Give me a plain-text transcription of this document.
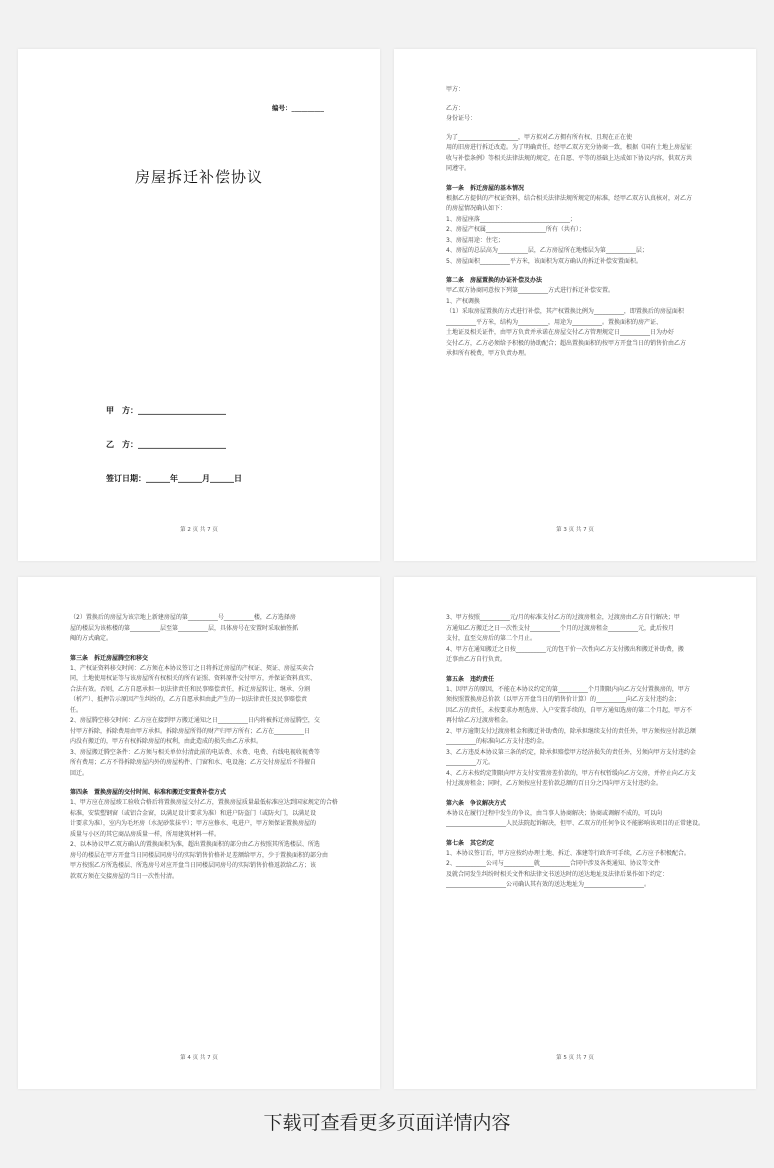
编号：__________
房屋拆迁补偿协议
甲　方：______________________
乙　方：______________________
签订日期：______年______月______日
第 2 页 共 7 页
甲方：
乙方：
身份证号：
为了____________________，甲方拟对乙方拥有所有权、且现在正在使
用的旧房进行拆迁改造。为了明确责任，经甲乙双方充分协商一致，根据《国有土地上房屋征
收与补偿条例》等相关法律法规的规定，在自愿、平等的基础上达成如下协议内容，供双方共
同遵守。
第一条　拆迁房屋的基本情况
根据乙方提供的产权证资料，结合相关法律法规所规定的标准，经甲乙双方认真核对，对乙方
的房屋情况确认如下：
1、房屋座落______________________________；
2、房屋产权属____________________所有（共有）；
3、房屋用途：住宅；
4、房屋的总层高为__________层，乙方房屋所在地楼层为第__________层；
5、房屋面积__________平方米，该面积为双方确认的拆迁补偿安置面积。
第二条　房屋置换的办证补偿及办法
甲乙双方协商同意按下列第__________方式进行拆迁补偿安置。
1、产权调换
（1）采取房屋置换的方式进行补偿，其产权置换比例为__________，即置换后的房屋面积
__________平方米，结构为__________，用途为__________。置换面积的房产证、
土地证及相关证件，由甲方负责并承诺在房屋交付乙方管理规定日__________日为办好
交付乙方，乙方必须给予积极的协助配合；超出置换面积的按甲方开盘当日的销售价由乙方
承担所有税费，甲方负责办理。
第 3 页 共 7 页
（2）置换后的房屋为该宗地上新建房屋的第__________号__________楼，乙方选择房
屋的楼层为该栋楼的第__________层至第__________层，具体房号在安置时采取抽签抓
阄的方式确定。
第三条　拆迁房屋腾空和移交
1、产权证资料移交时间：乙方须在本协议签订之日将拆迁房屋的产权证、契证、房屋买卖合
同，土地使用权证等与该房屋所有权相关的所有证照、资料原件交付甲方，并保证资料真实、
合法有效。否则，乙方自愿承担一切法律责任和民事赔偿责任，拆迁房屋转让、继承、分割
（析产）、抵押告示原因产生纠纷的，乙方自愿承担由此产生的一切法律责任及民事赔偿责
任。
2、房屋腾空移交时间：乙方应在接到甲方搬迁通知之日__________日内将被拆迁房屋腾空，交
付甲方拆除，拆除费用由甲方承担。拆除房屋所得的财产归甲方所有；乙方在__________日
内没有搬迁的，甲方有权拆除房屋的权利，由此造成的损失由乙方承担。
3、房屋搬迁腾空条件：乙方须与相关单位付清此前的电话费、水费、电费、有线电视收视费等
所有费用；乙方不得拆除房屋内外的房屋构件、门窗和水、电设施；乙方交付房屋后不得擅自
回迁。
第四条　置换房屋的交付时间、标准和搬迁安置费补偿方式
1、甲方应在房屋竣工验收合格后将置换房屋交付乙方，置换房屋质量最低标准应达到国家规定的合格
标准，安装塑钢窗（或铝合金窗，以满足设计要求为准）和进户防盗门（或防火门，以满足设
计要求为准），室内为毛坯房（水泥砂浆抹平）；甲方应修水、电进户，甲方须保证置换房屋的
质量与小区的其它商品房质量一样，所用建筑材料一样。
2、以本协议甲乙双方确认的置换面积为准，超出置换面积的部分由乙方按照其所选楼层、所选
房号的楼层在甲方开盘当日同楼层同房号的实际销售价格补足差额给甲方，少于置换面积的部分由
甲方按照乙方所选楼层、所选房号对应开盘当日同楼层同房号的实际销售价格返款给乙方；该
款双方须在交接房屋的当日一次性付清。
第 4 页 共 7 页
3、甲方按照__________元/月的标准支付乙方的过渡房租金，过渡房由乙方自行解决；甲
方通知乙方搬迁之日一次性支付__________个月的过渡房租金__________元，此后按月
支付，直至交房后的第二个月止。
4、甲方在通知搬迁之日按__________元的包干价一次性向乙方支付搬出和搬迁补助费，搬
迁事由乙方自行负责。
第五条　违约责任
1、因甲方的原因，不能在本协议约定的第__________个月期限内向乙方交付置换房的，甲方
须按照置换房总价款（以甲方开盘当日的销售价计算）的__________向乙方支付违约金；
因乙方的责任，未按要求办理选房、入户安置手续的，自甲方通知选房的第二个月起，甲方不
再付给乙方过渡房租金。
2、甲方逾期支付过渡房租金和搬迁补助费的，除承担继续支付的责任外，甲方须按应付款总额
__________的标准向乙方支付违约金。
3、乙方违反本协议第三条的约定，除承担赔偿甲方经济损失的责任外，另须向甲方支付违约金
__________万元。
4、乙方未按约定期限向甲方支付安置房差价款的，甲方有权暂缓向乙方交房，并停止向乙方支
付过渡房租金；同时，乙方须按应付差价款总额的百日分之四向甲方支付违约金。
第六条　争议解决方式
本协议在履行过程中发生的争议，由当事人协商解决；协商或调解不成的，可以向
____________________人民法院起诉解决，但甲、乙双方的任何争议不能影响该项目的正常建设。
第七条　其它约定
1、本协议签订后，甲方应按约办理土地、拆迁、准建等行政许可手续，乙方应予积极配合。
2、__________公司与__________就__________合同中涉及各类通知、协议等文件
及就合同发生纠纷时相关文件和法律文书送达时的送达地址及法律后果作如下约定：
____________________公司确认其有效的送达地址为____________________。
第 5 页 共 7 页
下载可查看更多页面详情内容
